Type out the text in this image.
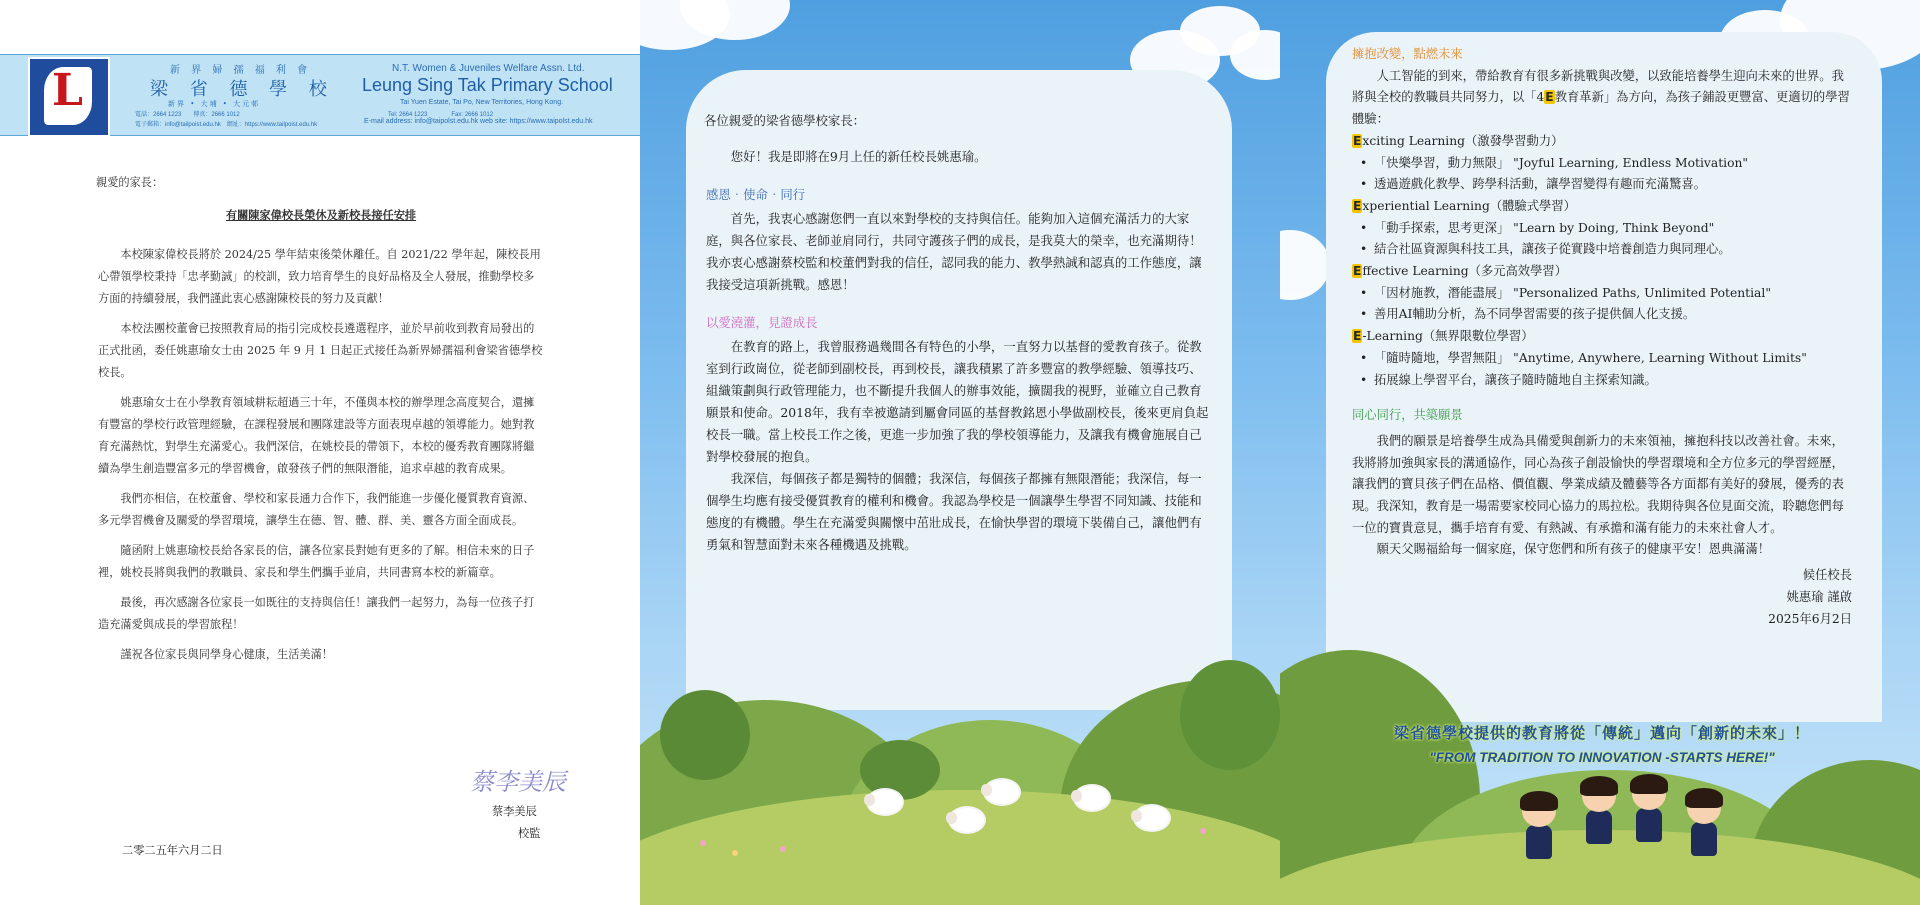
L	新 界 婦 孺 福 利 會
梁 省 德 學 校
新界 • 大埔 • 大元邨
電話：2664 1223　　傳真：2666 1012
電子郵箱：info@tailpoist.edu.hk　網址：https://www.tailpoist.edu.hk
N.T. Women & Juveniles Welfare Assn. Ltd.
Leung Sing Tak Primary School
Tai Yuen Estate, Tai Po, New Territories, Hong Kong.
Tel: 2664 1223　　　　Fax: 2666 1012
E-mail address: info@taipolst.edu.hk web site: https://www.taipolst.edu.hk
親愛的家長：
有關陳家偉校長榮休及新校長接任安排

本校陳家偉校長將於 2024/25 學年結束後榮休離任。自 2021/22 學年起，陳校長用心帶領學校秉持「忠孝勤誠」的校訓，致力培育學生的良好品格及全人發展，推動學校多方面的持續發展，我們謹此衷心感謝陳校長的努力及貢獻！

本校法團校董會已按照教育局的指引完成校長遴選程序，並於早前收到教育局發出的正式批函，委任姚惠瑜女士由 2025 年 9 月 1 日起正式接任為新界婦孺福利會梁省德學校校長。

姚惠瑜女士在小學教育領域耕耘超過三十年，不僅與本校的辦學理念高度契合，還擁有豐富的學校行政管理經驗，在課程發展和團隊建設等方面表現卓越的領導能力。她對教育充滿熱忱，對學生充滿愛心。我們深信，在姚校長的帶領下，本校的優秀教育團隊將繼續為學生創造豐富多元的學習機會，啟發孩子們的無限潛能，追求卓越的教育成果。

我們亦相信，在校董會、學校和家長通力合作下，我們能進一步優化優質教育資源、多元學習機會及關愛的學習環境，讓學生在德、智、體、群、美、靈各方面全面成長。

隨函附上姚惠瑜校長給各家長的信，讓各位家長對她有更多的了解。相信未來的日子裡，姚校長將與我們的教職員、家長和學生們攜手並肩，共同書寫本校的新篇章。

最後，再次感謝各位家長一如既往的支持與信任！讓我們一起努力，為每一位孩子打造充滿愛與成長的學習旅程！

謹祝各位家長與同學身心健康，生活美滿！

蔡李美辰
蔡李美辰
校監
二零二五年六月二日
各位親愛的梁省德學校家長：

您好！我是即將在9月上任的新任校長姚惠瑜。

感恩‧使命‧同行

首先，我衷心感謝您們一直以來對學校的支持與信任。能夠加入這個充滿活力的大家庭，與各位家長、老師並肩同行，共同守護孩子們的成長，是我莫大的榮幸，也充滿期待！我亦衷心感謝蔡校監和校董們對我的信任，認同我的能力、教學熱誠和認真的工作態度，讓我接受這項新挑戰。感恩！

以愛澆灌，見證成長

在教育的路上，我曾服務過幾間各有特色的小學，一直努力以基督的愛教育孩子。從教室到行政崗位，從老師到副校長，再到校長，讓我積累了許多豐富的教學經驗、領導技巧、組織策劃與行政管理能力，也不斷提升我個人的辦事效能，擴闊我的視野，並確立自己教育願景和使命。2018年，我有幸被邀請到屬會同區的基督教銘恩小學做副校長，後來更肩負起校長一職。當上校長工作之後，更進一步加強了我的學校領導能力，及讓我有機會施展自己對學校發展的抱負。

我深信，每個孩子都是獨特的個體；我深信，每個孩子都擁有無限潛能；我深信，每一個學生均應有接受優質教育的權利和機會。我認為學校是一個讓學生學習不同知識、技能和態度的有機體。學生在充滿愛與關懷中茁壯成長，在愉快學習的環境下裝備自己，讓他們有勇氣和智慧面對未來各種機遇及挑戰。

擁抱改變，點燃未來

人工智能的到來，帶給教育有很多新挑戰與改變，以致能培養學生迎向未來的世界。我將與全校的教職員共同努力，以「4E教育革新」為方向，為孩子鋪設更豐富、更適切的學習體驗：

Exciting Learning（激發學習動力）

• 「快樂學習，動力無限」 "Joyful Learning, Endless Motivation"

• 透過遊戲化教學、跨學科活動，讓學習變得有趣而充滿驚喜。

Experiential Learning（體驗式學習）

• 「動手探索，思考更深」 "Learn by Doing, Think Beyond"

• 結合社區資源與科技工具，讓孩子從實踐中培養創造力與同理心。

Effective Learning（多元高效學習）

• 「因材施教，潛能盡展」 "Personalized Paths, Unlimited Potential"

• 善用AI輔助分析，為不同學習需要的孩子提供個人化支援。

E-Learning（無界限數位學習）

• 「隨時隨地，學習無阻」 "Anytime, Anywhere, Learning Without Limits"

• 拓展線上學習平台，讓孩子隨時隨地自主探索知識。

同心同行，共築願景

我們的願景是培養學生成為具備愛與創新力的未來領袖，擁抱科技以改善社會。未來，我將將加強與家長的溝通協作，同心為孩子創設愉快的學習環境和全方位多元的學習經歷，讓我們的寶貝孩子們在品格、價值觀、學業成績及體藝等各方面都有美好的發展，優秀的表現。我深知，教育是一場需要家校同心協力的馬拉松。我期待與各位見面交流，聆聽您們每一位的寶貴意見，攜手培育有愛、有熱誠、有承擔和滿有能力的未來社會人才。

願天父賜福給每一個家庭，保守您們和所有孩子的健康平安！恩典滿滿！

候任校長

姚惠瑜 謹啟

2025年6月2日

梁省德學校提供的教育將從「傳統」邁向「創新的未來」！
"FROM TRADITION TO INNOVATION -STARTS HERE!"
